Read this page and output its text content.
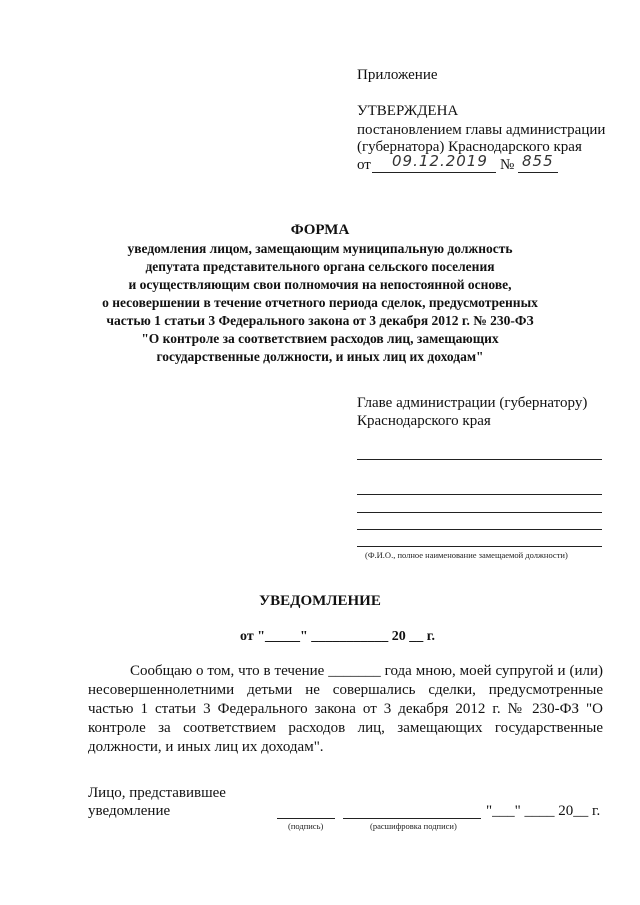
Приложение
УТВЕРЖДЕНА
постановлением главы администрации
(губернатора) Краснодарского края
от 09.12.2019 № 855
ФОРМА
уведомления лицом, замещающим муниципальную должность
депутата представительного органа сельского поселения
и осуществляющим свои полномочия на непостоянной основе,
о несовершении в течение отчетного периода сделок, предусмотренных
частью 1 статьи 3 Федерального закона от 3 декабря 2012 г. № 230-ФЗ
"О контроле за соответствием расходов лиц, замещающих
государственные должности, и иных лиц их доходам"
Главе администрации (губернатору)
Краснодарского края
(Ф.И.О., полное наименование замещаемой должности)
УВЕДОМЛЕНИЕ
от "_____" ___________ 20 __ г.
Сообщаю о том, что в течение _______ года мною, моей супругой и (или) несовершеннолетними детьми не совершались сделки, предусмотренные частью 1 статьи 3 Федерального закона от 3 декабря 2012 г. № 230-ФЗ "О контроле за соответствием расходов лиц, замещающих государственные должности, и иных лиц их доходам".
Лицо, представившее
уведомление	"___" ____ 20__ г.
(подпись)	(расшифровка подписи)
